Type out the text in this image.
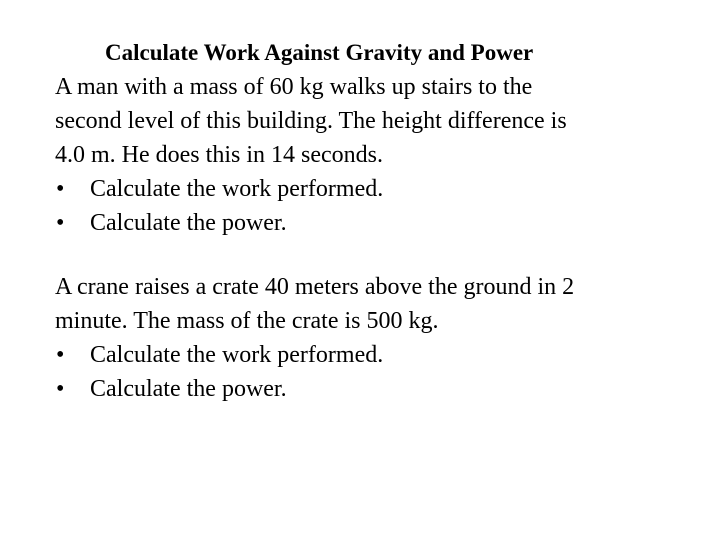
Calculate Work Against Gravity and Power
A man with a mass of 60 kg walks up stairs to the
second level of this building. The height difference is
4.0 m. He does this in 14 seconds.
• Calculate the work performed.
• Calculate the power.
A crane raises a crate 40 meters above the ground in 2
minute. The mass of the crate is 500 kg.
• Calculate the work performed.
• Calculate the power.
